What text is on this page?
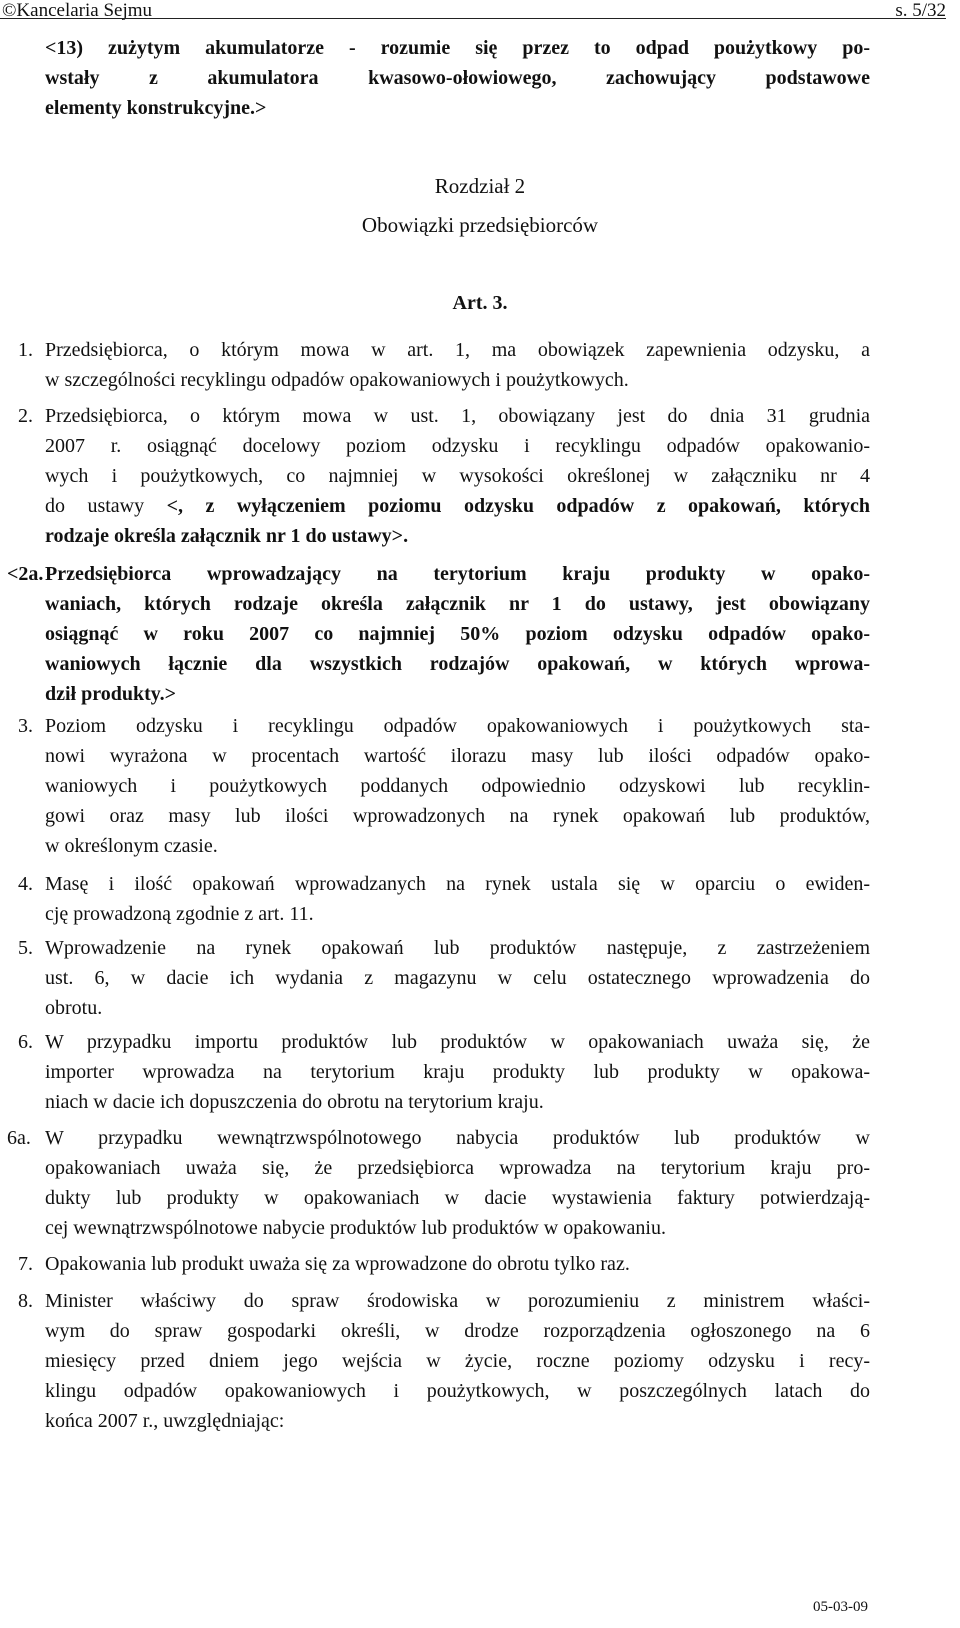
©Kancelaria Sejmu	s. 5/32
<13) zużytym akumulatorze - rozumie się przez to odpad poużytkowy po-
wstały z akumulatora kwasowo-ołowiowego, zachowujący podstawowe
elementy konstrukcyjne.>
Rozdział 2
Obowiązki przedsiębiorców
Art. 3.
1. Przedsiębiorca, o którym mowa w art. 1, ma obowiązek zapewnienia odzysku, a
w szczególności recyklingu odpadów opakowaniowych i poużytkowych.
2. Przedsiębiorca, o którym mowa w ust. 1, obowiązany jest do dnia 31 grudnia
2007 r. osiągnąć docelowy poziom odzysku i recyklingu odpadów opakowanio-
wych i poużytkowych, co najmniej w wysokości określonej w załączniku nr 4
do ustawy <, z wyłączeniem poziomu odzysku odpadów z opakowań, których
rodzaje określa załącznik nr 1 do ustawy>.
<2a. Przedsiębiorca wprowadzający na terytorium kraju produkty w opako-
waniach, których rodzaje określa załącznik nr 1 do ustawy, jest obowiązany
osiągnąć w roku 2007 co najmniej 50% poziom odzysku odpadów opako-
waniowych łącznie dla wszystkich rodzajów opakowań, w których wprowa-
dził produkty.>
3. Poziom odzysku i recyklingu odpadów opakowaniowych i poużytkowych sta-
nowi wyrażona w procentach wartość ilorazu masy lub ilości odpadów opako-
waniowych i poużytkowych poddanych odpowiednio odzyskowi lub recyklin-
gowi oraz masy lub ilości wprowadzonych na rynek opakowań lub produktów,
w określonym czasie.
4. Masę i ilość opakowań wprowadzanych na rynek ustala się w oparciu o ewiden-
cję prowadzoną zgodnie z art. 11.
5. Wprowadzenie na rynek opakowań lub produktów następuje, z zastrzeżeniem
ust. 6, w dacie ich wydania z magazynu w celu ostatecznego wprowadzenia do
obrotu.
6. W przypadku importu produktów lub produktów w opakowaniach uważa się, że
importer wprowadza na terytorium kraju produkty lub produkty w opakowa-
niach w dacie ich dopuszczenia do obrotu na terytorium kraju.
6a. W przypadku wewnątrzwspólnotowego nabycia produktów lub produktów w
opakowaniach uważa się, że przedsiębiorca wprowadza na terytorium kraju pro-
dukty lub produkty w opakowaniach w dacie wystawienia faktury potwierdzają-
cej wewnątrzwspólnotowe nabycie produktów lub produktów w opakowaniu.
7. Opakowania lub produkt uważa się za wprowadzone do obrotu tylko raz.
8. Minister właściwy do spraw środowiska w porozumieniu z ministrem właści-
wym do spraw gospodarki określi, w drodze rozporządzenia ogłoszonego na 6
miesięcy przed dniem jego wejścia w życie, roczne poziomy odzysku i recy-
klingu odpadów opakowaniowych i poużytkowych, w poszczególnych latach do
końca 2007 r., uwzględniając:
05-03-09
